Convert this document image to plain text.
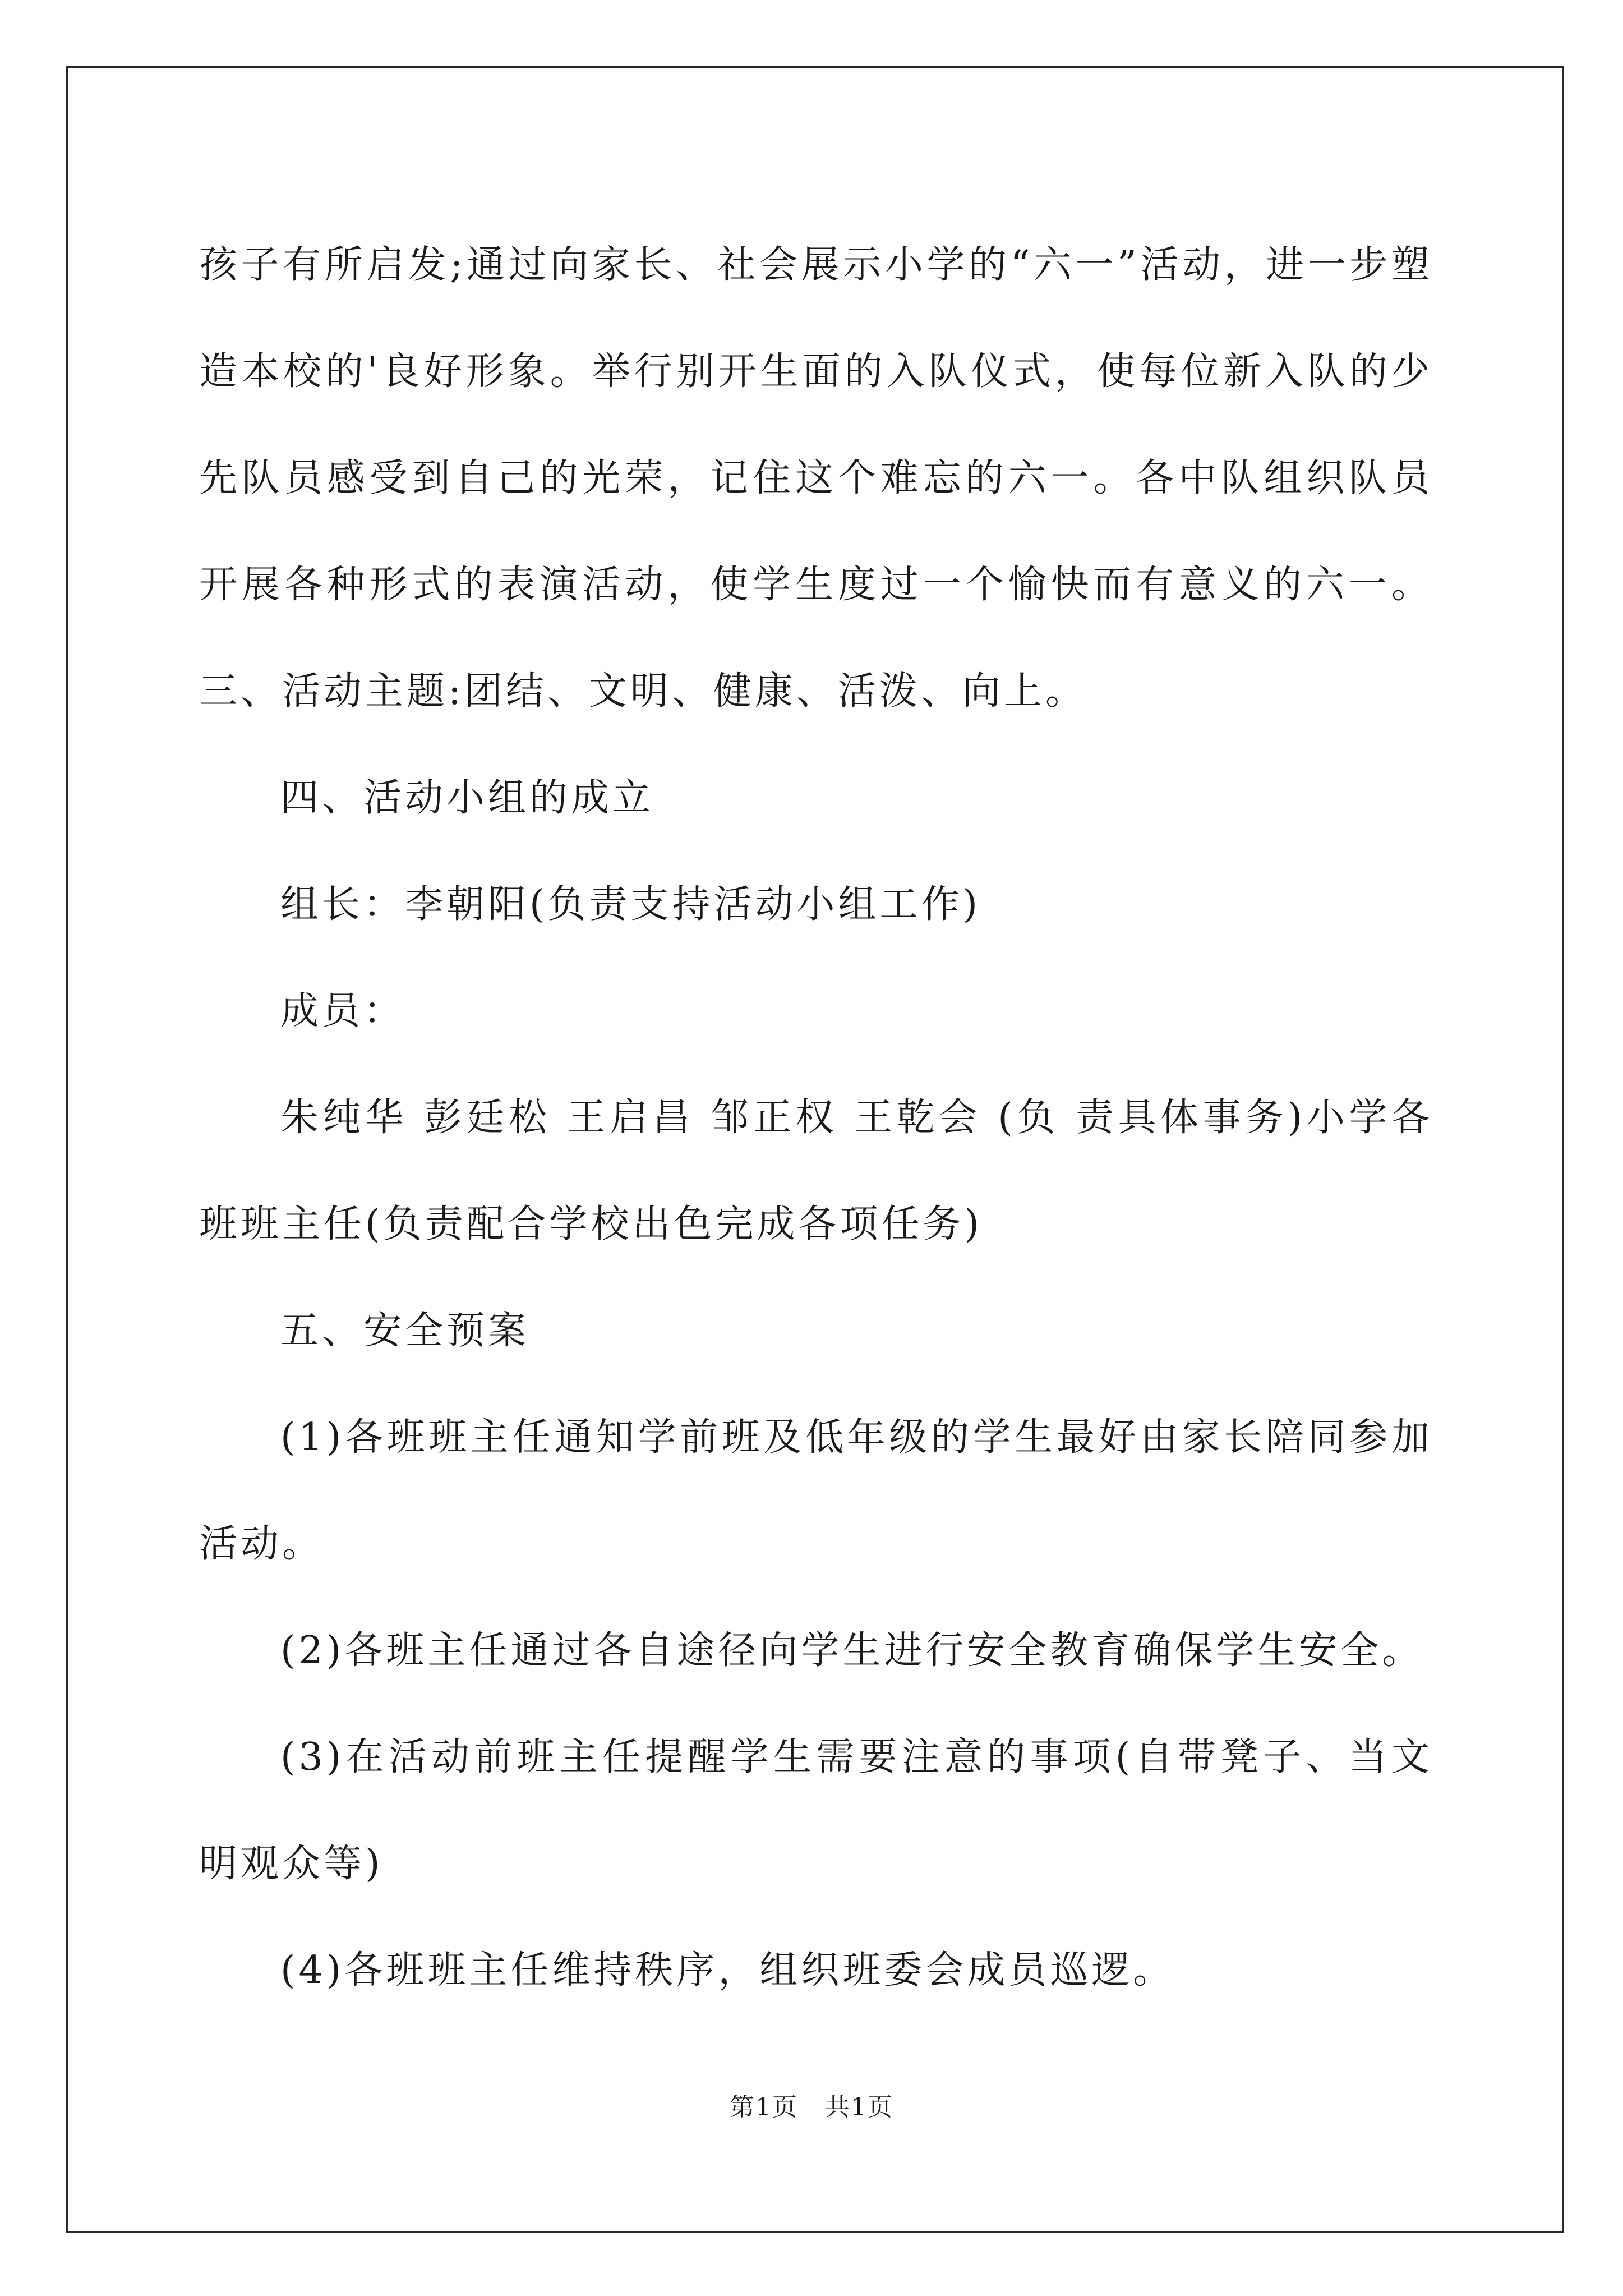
孩子有所启发;通过向家长、社会展示小学的“六一”活动，进一步塑造本校的'良好形象。举行别开生面的入队仪式，使每位新入队的少先队员感受到自己的光荣，记住这个难忘的六一。各中队组织队员开展各种形式的表演活动，使学生度过一个愉快而有意义的六一。 三、活动主题:团结、文明、健康、活泼、向上。

四、活动小组的成立

组长：李朝阳(负责支持活动小组工作)

成员：

朱纯华 彭廷松 王启昌 邹正权 王乾会 (负 责具体事务)小学各班班主任(负责配合学校出色完成各项任务)

五、安全预案

(1)各班班主任通知学前班及低年级的学生最好由家长陪同参加活动。

(2)各班主任通过各自途径向学生进行安全教育确保学生安全。

(3)在活动前班主任提醒学生需要注意的事项(自带凳子、当文明观众等)

(4)各班班主任维持秩序，组织班委会成员巡逻。

第1页   共1页
